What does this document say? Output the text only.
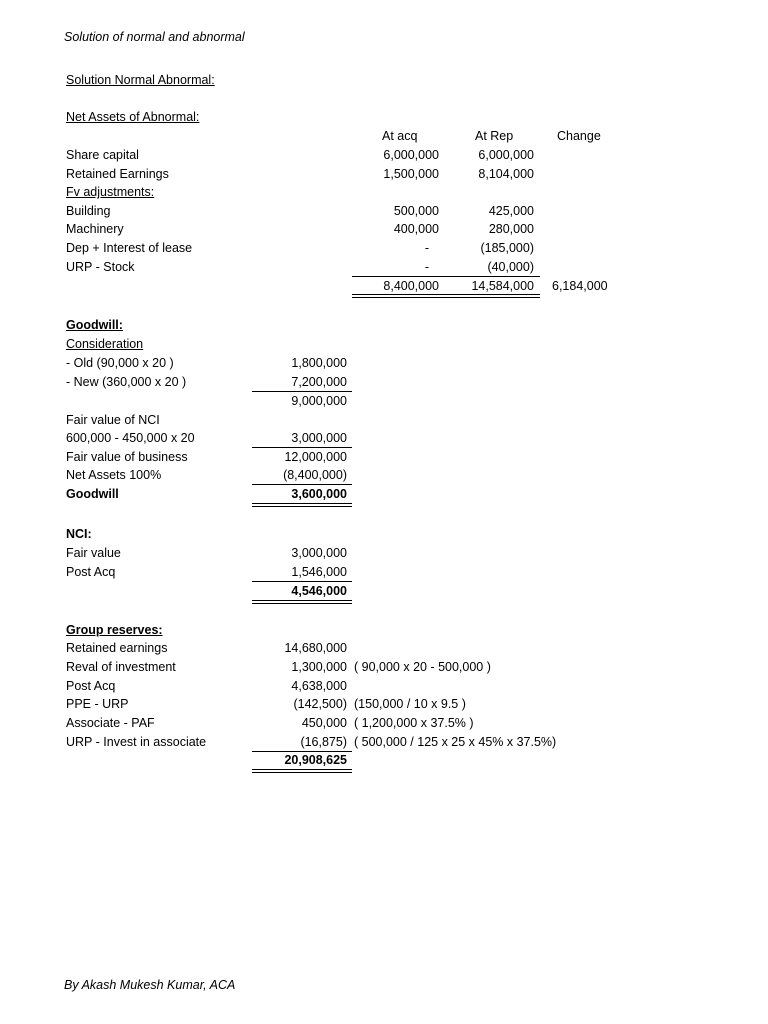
Solution of normal and abnormal
Solution Normal Abnormal:
Net Assets of Abnormal:
At acq	At Rep	Change
Share capital	6,000,000	6,000,000
Retained Earnings	1,500,000	8,104,000
Fv adjustments:
Building	500,000	425,000
Machinery	400,000	280,000
Dep + Interest of lease	-	(185,000)
URP - Stock	-	(40,000)
8,400,000	14,584,000 6,184,000
Goodwill:
Consideration
- Old (90,000 x 20 )	1,800,000
- New (360,000 x 20 )	7,200,000
9,000,000
Fair value of NCI
600,000 - 450,000 x 20	3,000,000
Fair value of business	12,000,000
Net Assets 100%	(8,400,000)
Goodwill	3,600,000
NCI:
Fair value	3,000,000
Post Acq	1,546,000
4,546,000
Group reserves:
Retained earnings	14,680,000
Reval of investment	1,300,000 ( 90,000 x 20 - 500,000 )
Post Acq	4,638,000
PPE - URP	(142,500) (150,000 / 10 x 9.5 )
Associate - PAF	450,000 ( 1,200,000 x 37.5% )
URP - Invest in associate	(16,875) ( 500,000 / 125 x 25 x 45% x 37.5%)
20,908,625
By Akash Mukesh Kumar, ACA
